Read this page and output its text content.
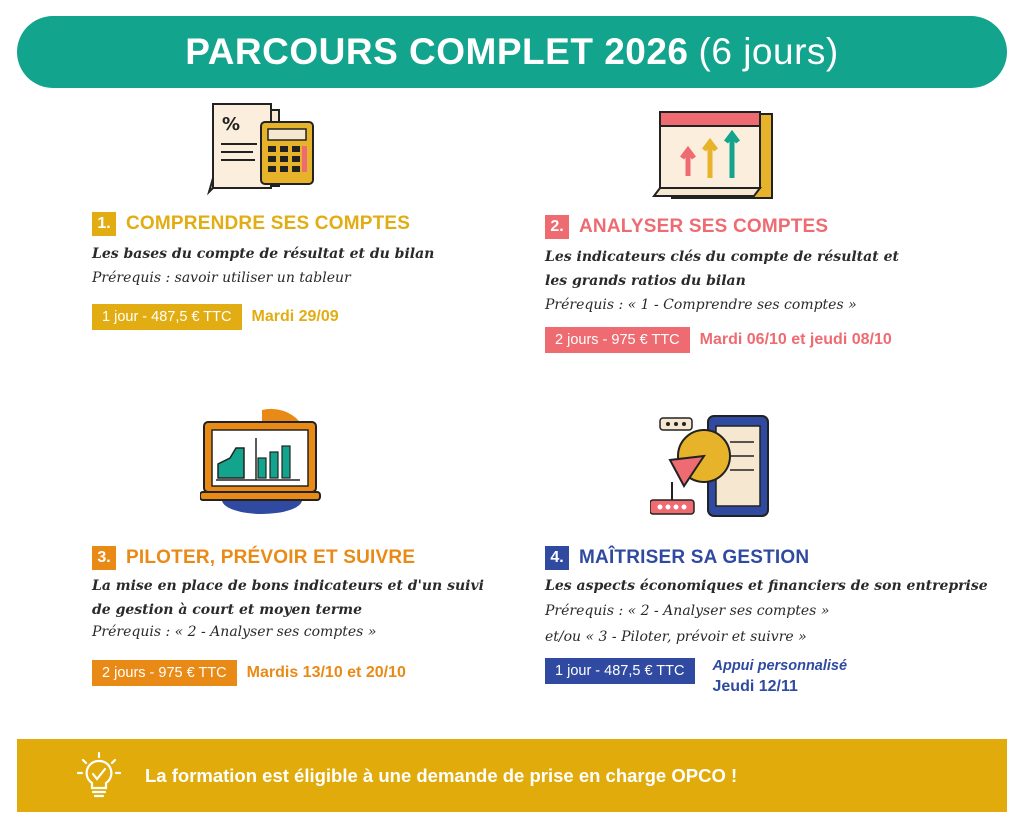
PARCOURS COMPLET 2026 (6 jours)
%
1. COMPRENDRE SES COMPTES
Les bases du compte de résultat et du bilan
Prérequis : savoir utiliser un tableur
1 jour - 487,5 € TTC	Mardi 29/09
2. ANALYSER SES COMPTES
Les indicateurs clés du compte de résultat et
les grands ratios du bilan
Prérequis : « 1 - Comprendre ses comptes »
2 jours - 975 € TTC	Mardi 06/10 et jeudi 08/10
3. PILOTER, PRÉVOIR ET SUIVRE
La mise en place de bons indicateurs et d'un suivi
de gestion à court et moyen terme
Prérequis : « 2 - Analyser ses comptes »
2 jours - 975 € TTC	Mardis 13/10 et 20/10
4. MAÎTRISER SA GESTION
Les aspects économiques et financiers de son entreprise
Prérequis : « 2 - Analyser ses comptes »
et/ou « 3 - Piloter, prévoir et suivre »
1 jour - 487,5 € TTC	Appui personnalisé
Jeudi 12/11
La formation est éligible à une demande de prise en charge OPCO !
